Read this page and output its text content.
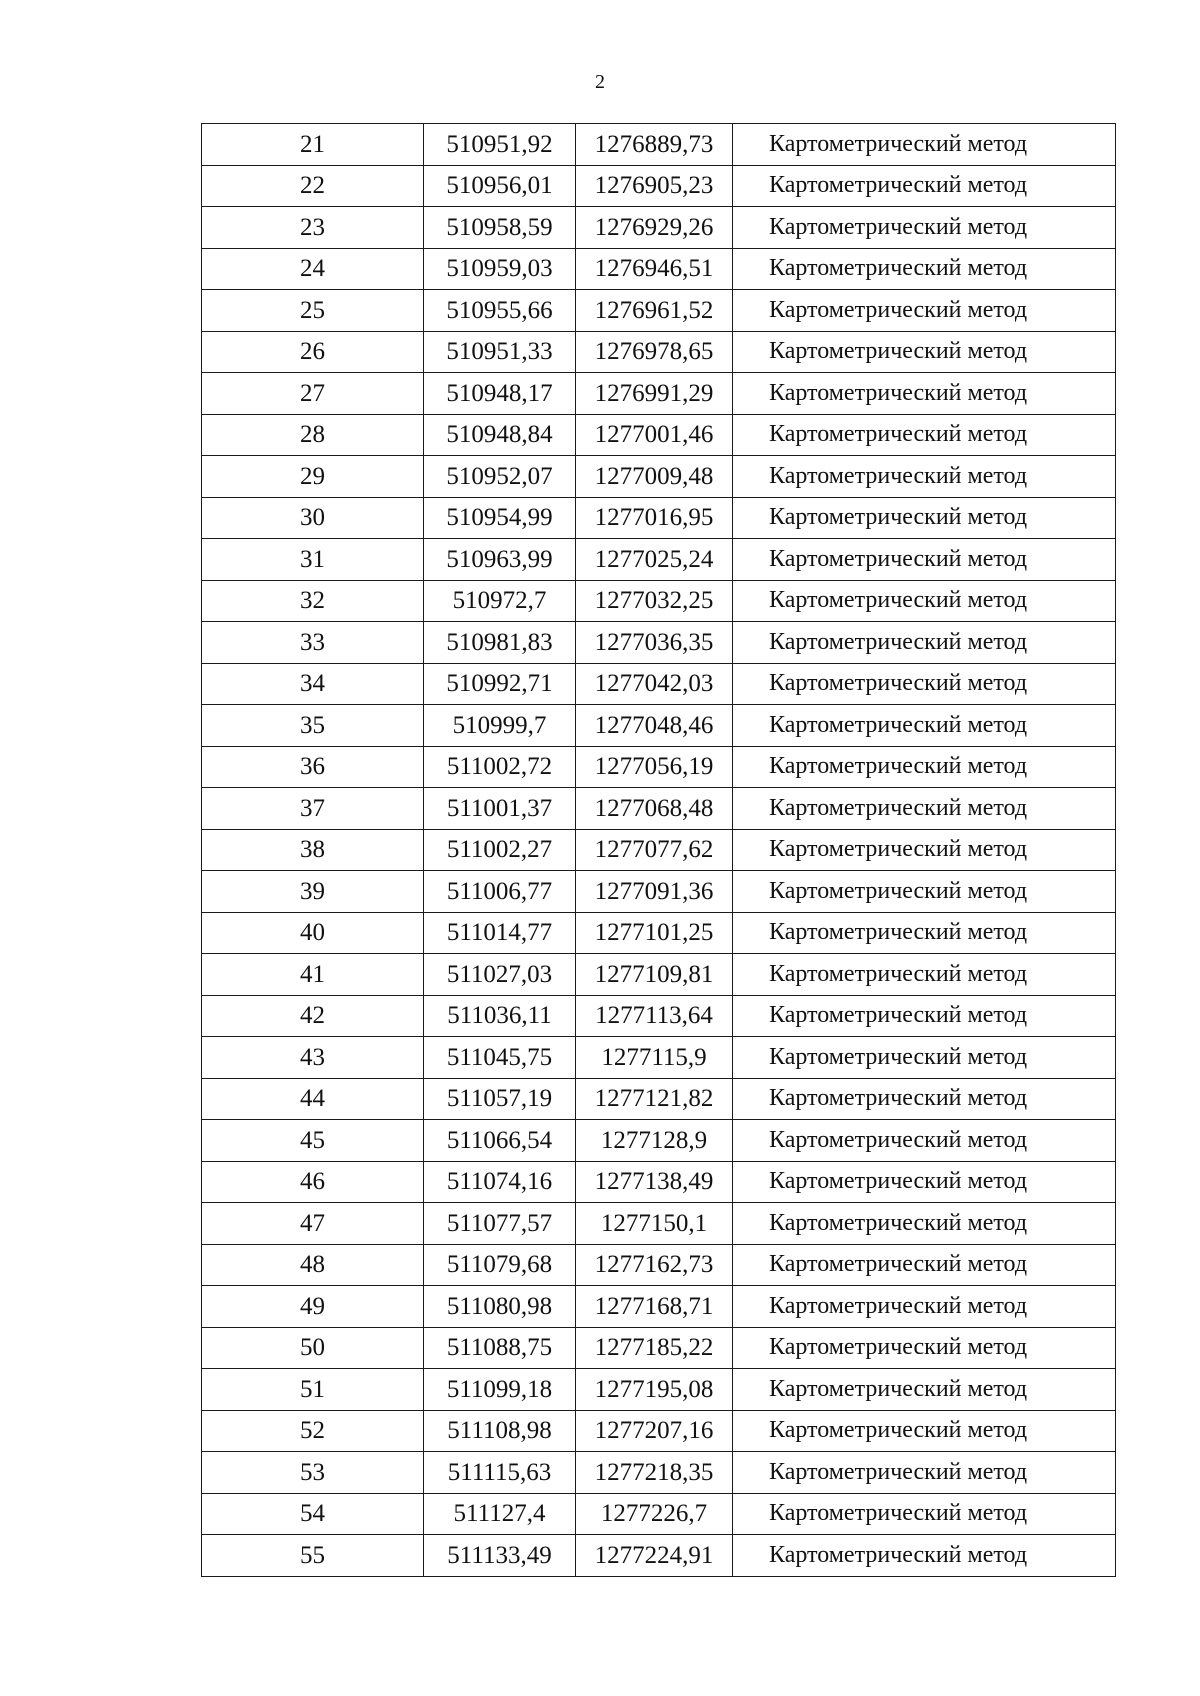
2
21	510951,92	1276889,73	Картометрический метод
22	510956,01	1276905,23	Картометрический метод
23	510958,59	1276929,26	Картометрический метод
24	510959,03	1276946,51	Картометрический метод
25	510955,66	1276961,52	Картометрический метод
26	510951,33	1276978,65	Картометрический метод
27	510948,17	1276991,29	Картометрический метод
28	510948,84	1277001,46	Картометрический метод
29	510952,07	1277009,48	Картометрический метод
30	510954,99	1277016,95	Картометрический метод
31	510963,99	1277025,24	Картометрический метод
32	510972,7	1277032,25	Картометрический метод
33	510981,83	1277036,35	Картометрический метод
34	510992,71	1277042,03	Картометрический метод
35	510999,7	1277048,46	Картометрический метод
36	511002,72	1277056,19	Картометрический метод
37	511001,37	1277068,48	Картометрический метод
38	511002,27	1277077,62	Картометрический метод
39	511006,77	1277091,36	Картометрический метод
40	511014,77	1277101,25	Картометрический метод
41	511027,03	1277109,81	Картометрический метод
42	511036,11	1277113,64	Картометрический метод
43	511045,75	1277115,9	Картометрический метод
44	511057,19	1277121,82	Картометрический метод
45	511066,54	1277128,9	Картометрический метод
46	511074,16	1277138,49	Картометрический метод
47	511077,57	1277150,1	Картометрический метод
48	511079,68	1277162,73	Картометрический метод
49	511080,98	1277168,71	Картометрический метод
50	511088,75	1277185,22	Картометрический метод
51	511099,18	1277195,08	Картометрический метод
52	511108,98	1277207,16	Картометрический метод
53	511115,63	1277218,35	Картометрический метод
54	511127,4	1277226,7	Картометрический метод
55	511133,49	1277224,91	Картометрический метод
